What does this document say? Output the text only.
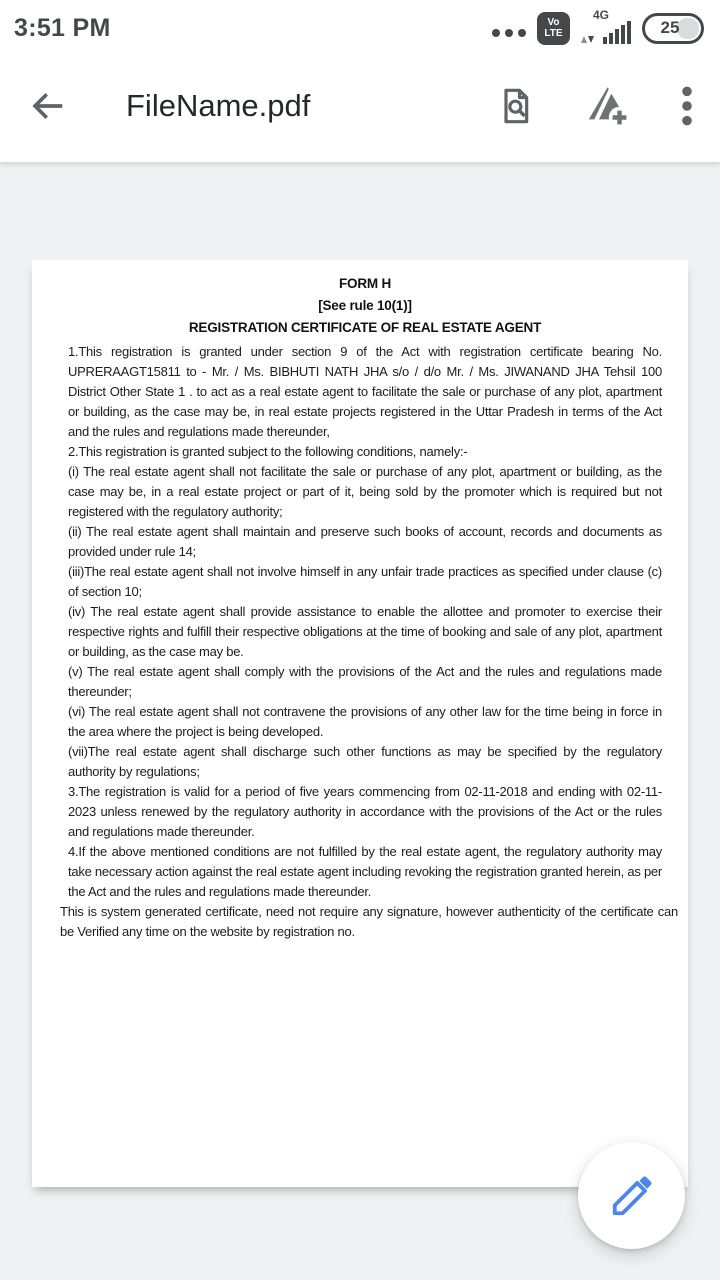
3:51 PM	Vo
LTE
4G
25
FileName.pdf
FORM H
[See rule 10(1)]
REGISTRATION CERTIFICATE OF REAL ESTATE AGENT

1.This registration is granted under section 9 of the Act with registration certificate bearing No. UPRERAAGT15811 to - Mr. / Ms. BIBHUTI NATH JHA s/o / d/o Mr. / Ms. JIWANAND JHA Tehsil 100 District Other State 1 . to act as a real estate agent to facilitate the sale or purchase of any plot, apartment or building, as the case may be, in real estate projects registered in the Uttar Pradesh in terms of the Act and the rules and regulations made thereunder,

2.This registration is granted subject to the following conditions, namely:-

(i) The real estate agent shall not facilitate the sale or purchase of any plot, apartment or building, as the case may be, in a real estate project or part of it, being sold by the promoter which is required but not registered with the regulatory authority;

(ii) The real estate agent shall maintain and preserve such books of account, records and documents as provided under rule 14;

(iii)The real estate agent shall not involve himself in any unfair trade practices as specified under clause (c) of section 10;

(iv) The real estate agent shall provide assistance to enable the allottee and promoter to exercise their respective rights and fulfill their respective obligations at the time of booking and sale of any plot, apartment or building, as the case may be.

(v) The real estate agent shall comply with the provisions of the Act and the rules and regulations made thereunder;

(vi) The real estate agent shall not contravene the provisions of any other law for the time being in force in the area where the project is being developed.

(vii)The real estate agent shall discharge such other functions as may be specified by the regulatory authority by regulations;

3.The registration is valid for a period of five years commencing from 02-11-2018 and ending with 02-11-2023 unless renewed by the regulatory authority in accordance with the provisions of the Act or the rules and regulations made thereunder.

4.If the above mentioned conditions are not fulfilled by the real estate agent, the regulatory authority may take necessary action against the real estate agent including revoking the registration granted herein, as per the Act and the rules and regulations made thereunder.

This is system generated certificate, need not require any signature, however authenticity of the certificate can be Verified any time on the website by registration no.
